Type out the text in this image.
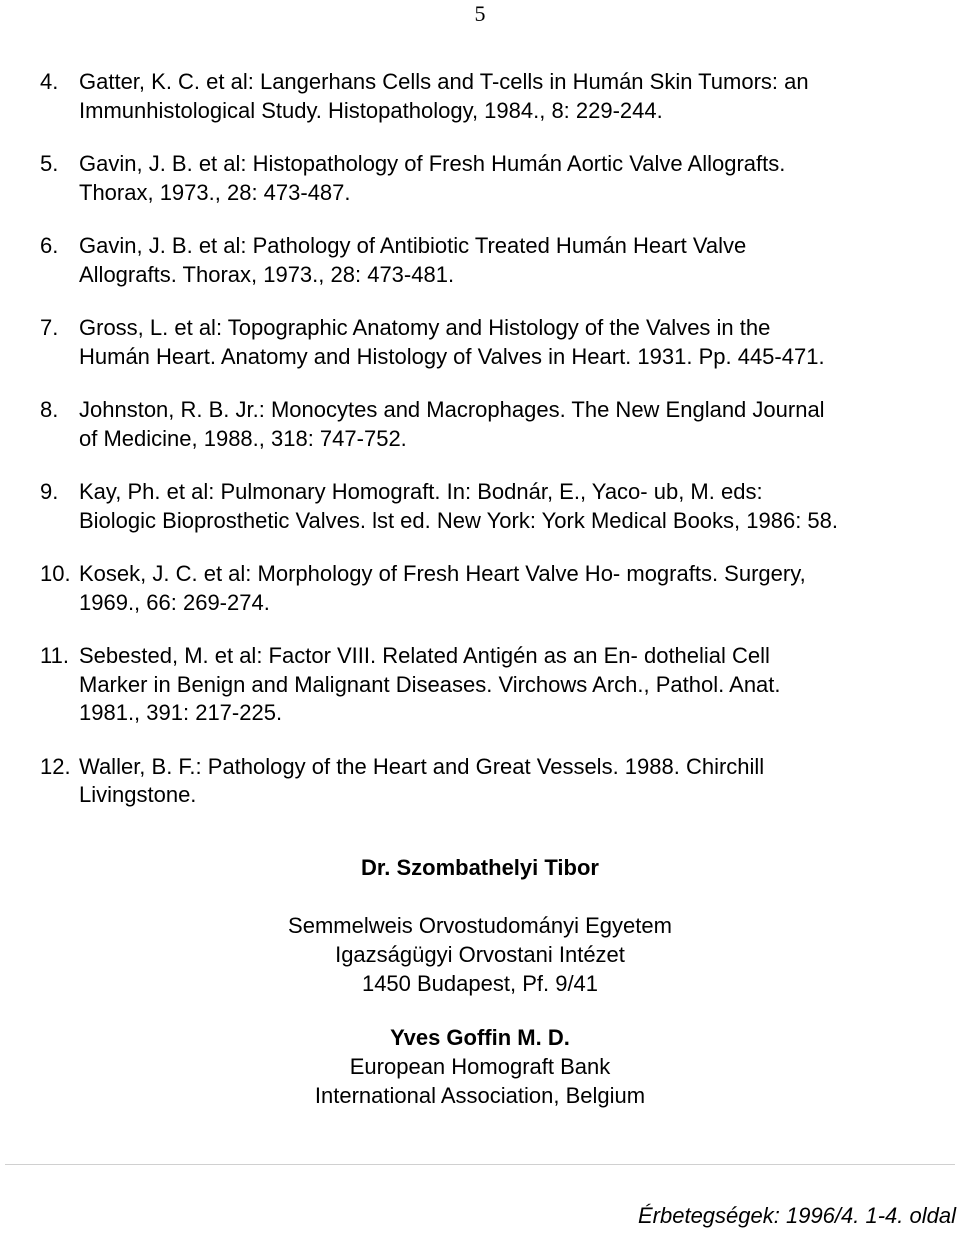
5
4. Gatter, K. C. et al: Langerhans Cells and T-cells in Humán Skin Tumors: an
Immunhistological Study. Histopathology, 1984., 8: 229-244.
5. Gavin, J. B. et al: Histopathology of Fresh Humán Aortic Valve Allografts.
Thorax, 1973., 28: 473-487.
6. Gavin, J. B. et al: Pathology of Antibiotic Treated Humán Heart Valve
Allografts. Thorax, 1973., 28: 473-481.
7. Gross, L. et al: Topographic Anatomy and Histology of the Valves in the
Humán Heart. Anatomy and Histology of Valves in Heart. 1931. Pp. 445-471.
8. Johnston, R. B. Jr.: Monocytes and Macrophages. The New England Journal
of Medicine, 1988., 318: 747-752.
9. Kay, Ph. et al: Pulmonary Homograft. In: Bodnár, E., Yaco- ub, M. eds:
Biologic Bioprosthetic Valves. lst ed. New York: York Medical Books, 1986: 58.
10. Kosek, J. C. et al: Morphology of Fresh Heart Valve Ho- mografts. Surgery,
1969., 66: 269-274.
11. Sebested, M. et al: Factor VIII. Related Antigén as an En- dothelial Cell
Marker in Benign and Malignant Diseases. Virchows Arch., Pathol. Anat.
1981., 391: 217-225.
12. Waller, B. F.: Pathology of the Heart and Great Vessels. 1988. Chirchill
Livingstone.
Dr. Szombathelyi Tibor
Semmelweis Orvostudományi Egyetem
Igazságügyi Orvostani Intézet
1450 Budapest, Pf. 9/41
Yves Goffin M. D.
European Homograft Bank
International Association, Belgium
Érbetegségek: 1996/4. 1-4. oldal
